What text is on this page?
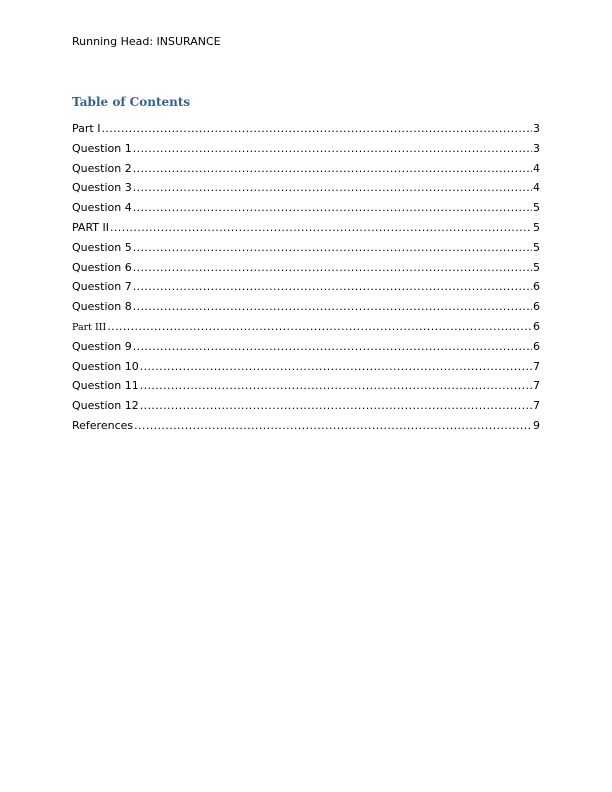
Running Head: INSURANCE
Table of Contents
Part I .....	3
Question 1 .....	3
Question 2 .....	4
Question 3 .....	4
Question 4 .....	5
PART II .....	5
Question 5 .....	5
Question 6 .....	5
Question 7 .....	6
Question 8 .....	6
Part III .....	6
Question 9 .....	6
Question 10 .....	7
Question 11 .....	7
Question 12 .....	7
References .....	9
